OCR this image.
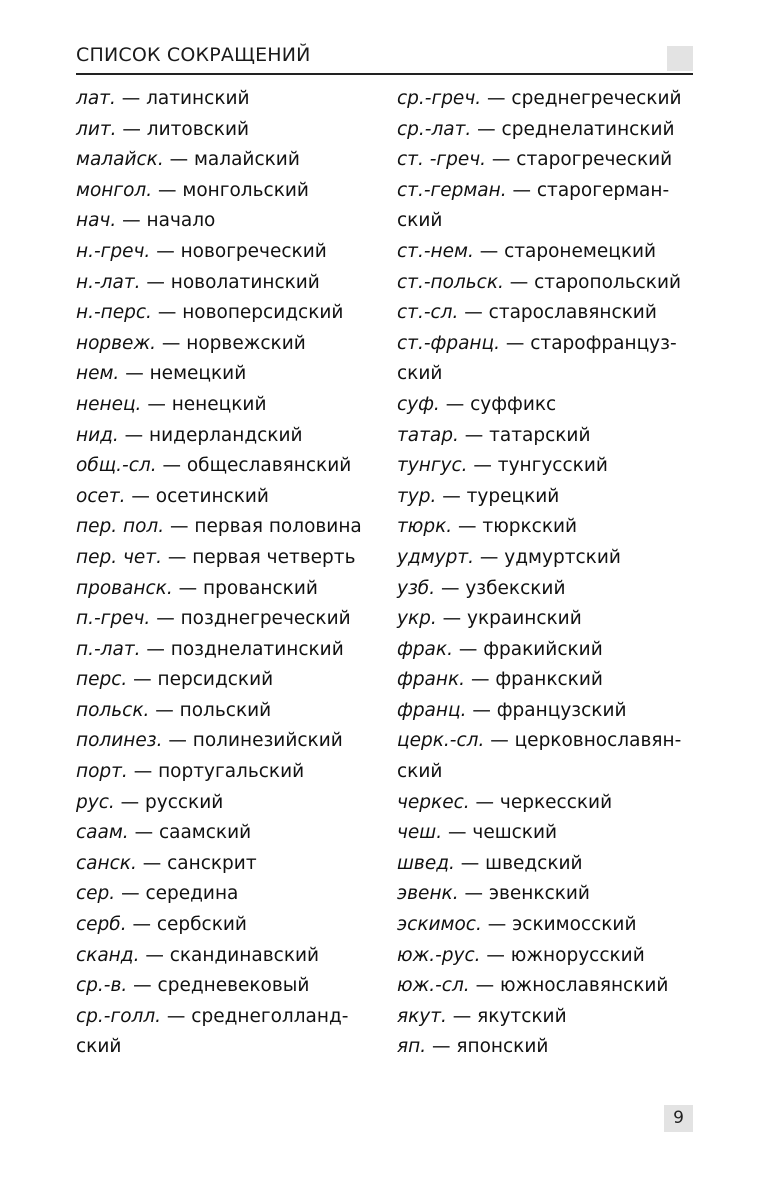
СПИСОК СОКРАЩЕНИЙ
лат. — латинский
лит. — литовский
малайск. — малайский
монгол. — монгольский
нач. — начало
н.-греч. — новогреческий
н.-лат. — новолатинский
н.-перс. — новоперсидский
норвеж. — норвежский
нем. — немецкий
ненец. — ненецкий
нид. — нидерландский
общ.-сл. — общеславянский
осет. — осетинский
пер. пол. — первая половина
пер. чет. — первая четверть
прованск. — прованский
п.-греч. — позднегреческий
п.-лат. — позднелатинский
перс. — персидский
польск. — польский
полинез. — полинезийский
порт. — португальский
рус. — русский
саам. — саамский
санск. — санскрит
сер. — середина
серб. — сербский
сканд. — скандинавский
ср.-в. — средневековый
ср.-голл. — среднеголланд-
ский
ср.-греч. — среднегреческий
ср.-лат. — среднелатинский
ст. -греч. — старогреческий
ст.-герман. — старогерман-
ский
ст.-нем. — старонемецкий
ст.-польск. — старопольский
ст.-сл. — старославянский
ст.-франц. — старофранцуз-
ский
суф. — суффикс
татар. — татарский
тунгус. — тунгусский
тур. — турецкий
тюрк. — тюркский
удмурт. — удмуртский
узб. — узбекский
укр. — украинский
фрак. — фракийский
франк. — франкский
франц. — французский
церк.-сл. — церковнославян-
ский
черкес. — черкесский
чеш. — чешский
швед. — шведский
эвенк. — эвенкский
эскимос. — эскимосский
юж.-рус. — южнорусский
юж.-сл. — южнославянский
якут. — якутский
яп. — японский
9
